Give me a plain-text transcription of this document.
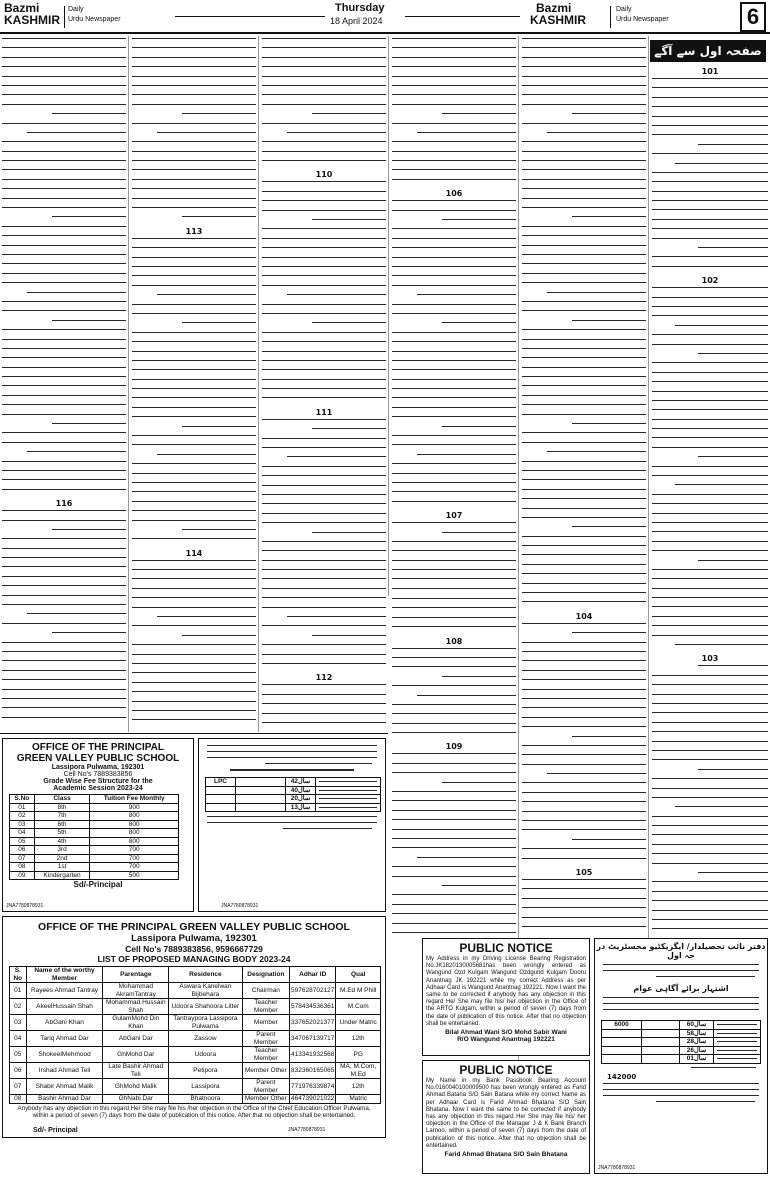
Bazmi
KASHMIR
Daily
Urdu Newspaper
Thursday
18 April 2024
Bazmi
KASHMIR
Daily
Urdu Newspaper	6
صفحہ اول سے آگے

116

113

114

110

111

112

106

107

104

105

101

102

103

108

109

OFFICE OF THE PRINCIPAL
GREEN VALLEY PUBLIC SCHOOL
Lassipora Pulwama, 192301
Cell No's 7889383856
Grade Wise Fee Structure for the
Academic Session 2023-24
S.No	Class	Tuition Fee Monthly
01	8th	900
02	7th	800
03	6th	800
04	5th	800
05	4th	800
06	3rd	700
07	2nd	700
08	1st	700
09	Kindergarten	500
Sd/-Principal
JNA7780878931
LPC		42سال	

		40سال	

		20سال	

		13سال	
JNA7780878931
OFFICE OF THE PRINCIPAL GREEN VALLEY PUBLIC SCHOOL
Lassipora Pulwama, 192301
Cell No's 7889383856, 9596667729
LIST OF PROPOSED MANAGING BODY 2023-24
S. No	Name of the worthy Member	Parentage	Residence	Designation	Adhar ID	Qual
01	Rayees Ahmad Tantray	Mohammad AkramTantray	Aswara Kanelwan Bijbehara	Chairman	597628702127	M.Ed M Phill
02	AkeelHussain Shah	Mohammad Hussain Shah	Udoora Shahoora Litter	Teacher Member	578434536361	M.Com
03	AbGani Khan	GulamMohd Din Khan	Tantraypora Lassipora Pulwama	Member	337652021377	Under Matric
04	Tariq Ahmad Dar	AbGani Dar	Zassow	Parent Member	347067139717	12th
05	ShokeelMehmood	GhMohd Dar	Udoora	Teacher Member	413341932568	PG
06	Irshad Ahmad Teli	Late Bashir Ahmad Teli	Petipora	Member Other	832360165065	MA, M.Com, M.Ed
07	Shabir Ahmad Malik	GhMohd Malik	Lassipora	Parent Member	771976339874	12th
08	Bashir Ahmad Dar	GhNabi Dar	Bhatnoora	Member Other	464739021022	Matric
Anybody has any objection in this regard He/ She may file his /her objection in the Office of the Chief Education Officer Pulwama, within a period of seven (7) days from the date of publication of this notice. After that no objection shall be entertained.
Sd/- Principal	JNA7780878931
PUBLIC NOTICE
My Address in my Driving License Bearing Registration No.JK1820130005681has been wrongly entered as Wangund Ozd Kulgam Wangund Ozdgund Kulgam Dooru Anantnag JK 192221 while my correct Address as per Adhaar Card is Wangund Anantnag 192221. Now I want the same to be corrected if anybody has any objection in this regard He/ She may file his/ her objection in the Office of the ARTO Kulgam, within a period of seven (7) days from the date of publication of this notice. After that no objection shall be entertained.
Bilal Ahmad Wani S/O Mohd Sabir Wani
R/O Wangund Anantnag 192221
PUBLIC NOTICE
My Name in my Bank Passbook Bearing Account No.0160040100009500 has been wrongly entered as Farid Ahmad Batana S/O Sain Batana while my correct Name as per Adhaar Card is Farid Ahmad Bhatana S/O Sain Bhatana. Now I want the same to be corrected if anybody has any objection in this regard He/ She may file his/ her objection in the Office of the Manager J & K Bank Branch Larnoo, within a period of seven (7) days from the date of publication of this notice. After that no objection shall be entertained.
Farid Ahmad Bhatana S/O Sain Bhatana
دفتر نائب تحصیلدار/ ایگزیکٹیو مجسٹریٹ در جہ اول
اشتہار برائے آگاہی عوام
6000		60سال	

		58سال	

		28سال	

		26سال	

		01سال	
142000
JNA7780878931
